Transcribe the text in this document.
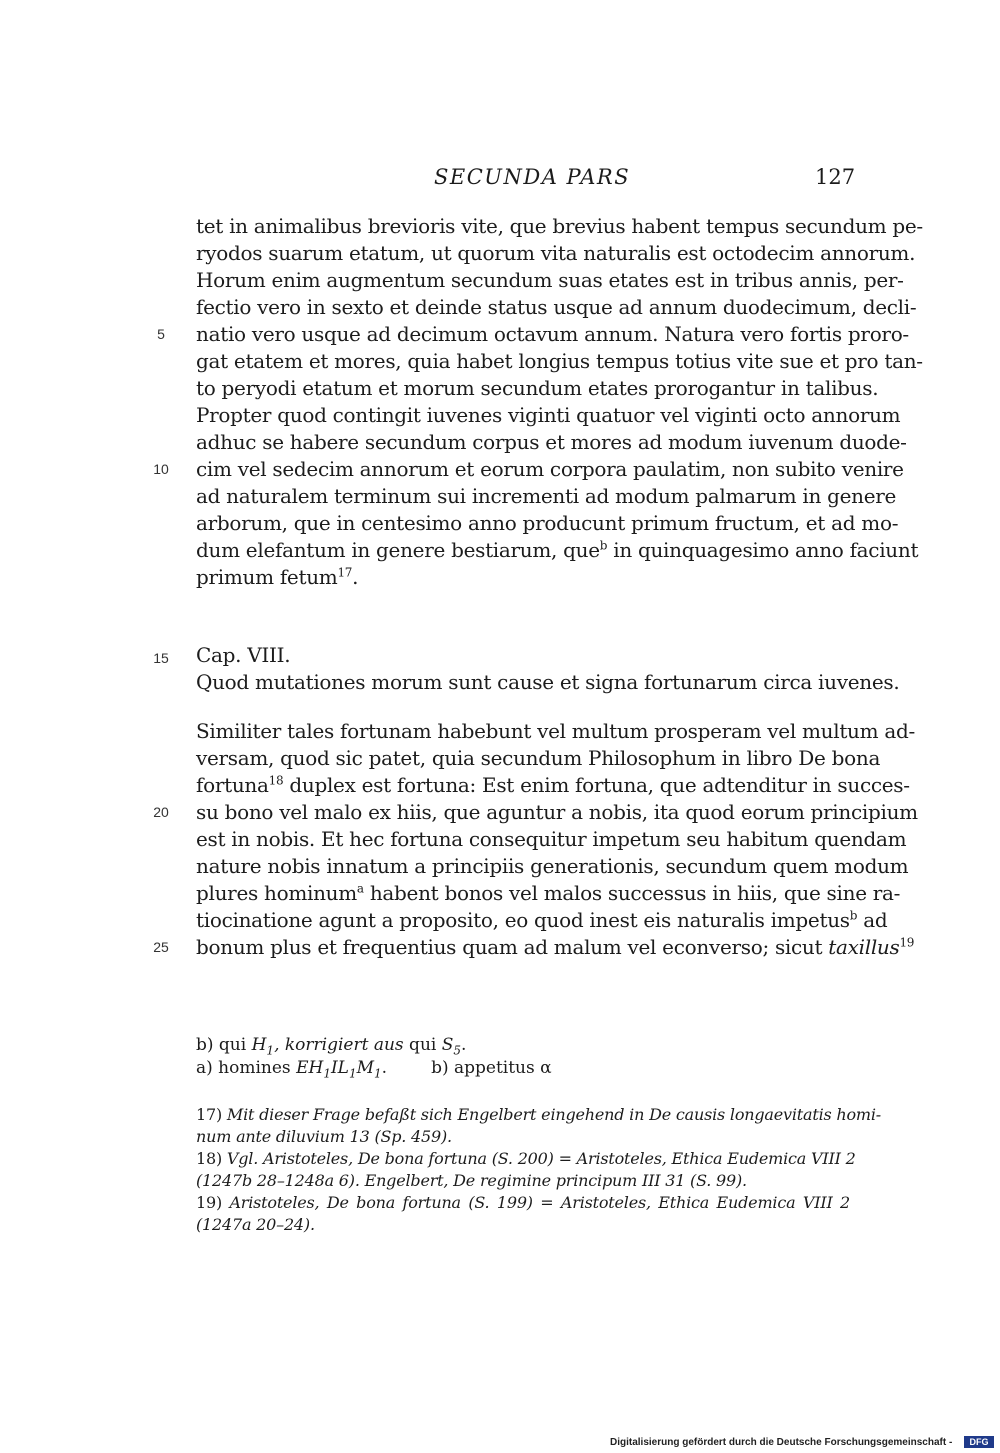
SECUNDA PARS	127
tet in animalibus brevioris vite, que brevius habent tempus secundum pe-
ryodos suarum etatum, ut quorum vita naturalis est octodecim annorum.
Horum enim augmentum secundum suas etates est in tribus annis, per-
fectio vero in sexto et deinde status usque ad annum duodecimum, decli-
natio vero usque ad decimum octavum annum. Natura vero fortis proro-
gat etatem et mores, quia habet longius tempus totius vite sue et pro tan-
to peryodi etatum et morum secundum etates prorogantur in talibus.
Propter quod contingit iuvenes viginti quatuor vel viginti octo annorum
adhuc se habere secundum corpus et mores ad modum iuvenum duode-
cim vel sedecim annorum et eorum corpora paulatim, non subito venire
ad naturalem terminum sui incrementi ad modum palmarum in genere
arborum, que in centesimo anno producunt primum fructum, et ad mo-
dum elefantum in genere bestiarum, que$^b$ in quinquagesimo anno faciunt
primum fetum$^{17}$.
Cap. VIII.
Quod mutationes morum sunt cause et signa fortunarum circa iuvenes.
Similiter tales fortunam habebunt vel multum prosperam vel multum ad-
versam, quod sic patet, quia secundum Philosophum in libro De bona
fortuna$^{18}$ duplex est fortuna: Est enim fortuna, que adtenditur in succes-
su bono vel malo ex hiis, que aguntur a nobis, ita quod eorum principium
est in nobis. Et hec fortuna consequitur impetum seu habitum quendam
nature nobis innatum a principiis generationis, secundum quem modum
plures hominum$^a$ habent bonos vel malos successus in hiis, que sine ra-
tiocinatione agunt a proposito, eo quod inest eis naturalis impetus$^b$ ad
bonum plus et frequentius quam ad malum vel econverso; sicut taxillus$^{19}$
5
10
15
20
25
b) qui $H_1$, korrigiert aus qui $S_5$.
a) homines $EH_1IL_1M_1$.	b) appetitus α
17) Mit dieser Frage befaßt sich Engelbert eingehend in De causis longaevitatis homi-
num ante diluvium 13 (Sp. 459).
18) Vgl. Aristoteles, De bona fortuna (S. 200) = Aristoteles, Ethica Eudemica VIII 2
(1247b 28–1248a 6). Engelbert, De regimine principum III 31 (S. 99).
19) Aristoteles, De bona fortuna (S. 199) = Aristoteles, Ethica Eudemica VIII 2
(1247a 20–24).
Digitalisierung gefördert durch die Deutsche Forschungsgemeinschaft -	DFG
